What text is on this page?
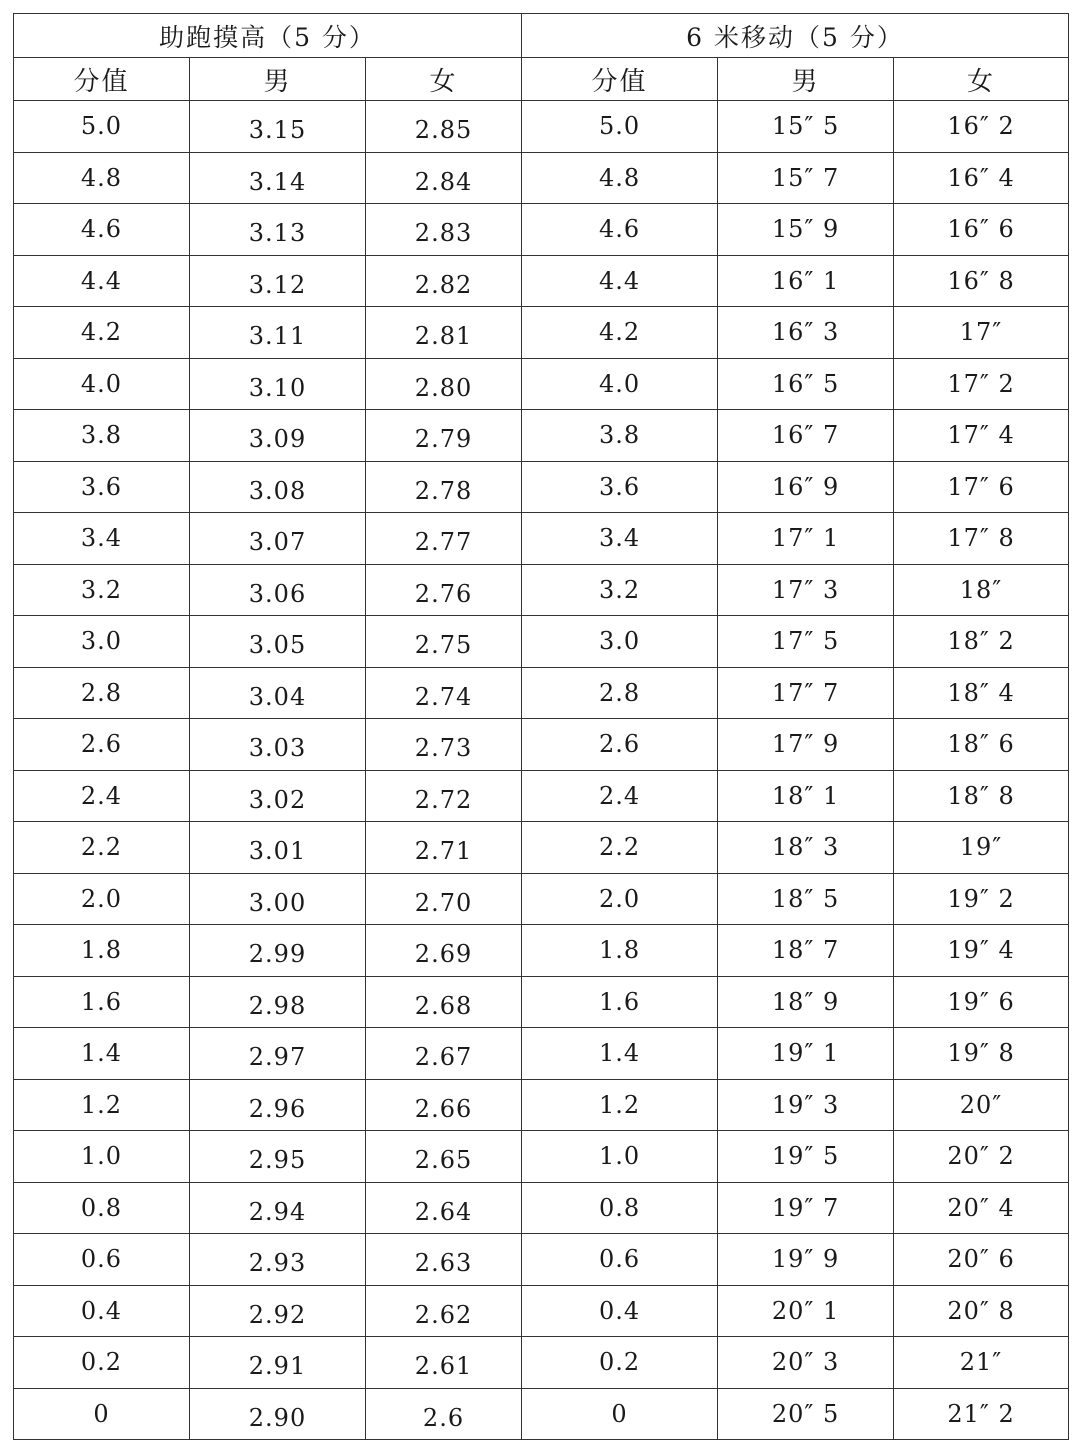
助跑摸高（5 分）			6 米移动（5 分）		
分值	男	女	分值	男	女
5.0	3.15	2.85	5.0	15″ 5	16″ 2
4.8	3.14	2.84	4.8	15″ 7	16″ 4
4.6	3.13	2.83	4.6	15″ 9	16″ 6
4.4	3.12	2.82	4.4	16″ 1	16″ 8
4.2	3.11	2.81	4.2	16″ 3	17″
4.0	3.10	2.80	4.0	16″ 5	17″ 2
3.8	3.09	2.79	3.8	16″ 7	17″ 4
3.6	3.08	2.78	3.6	16″ 9	17″ 6
3.4	3.07	2.77	3.4	17″ 1	17″ 8
3.2	3.06	2.76	3.2	17″ 3	18″
3.0	3.05	2.75	3.0	17″ 5	18″ 2
2.8	3.04	2.74	2.8	17″ 7	18″ 4
2.6	3.03	2.73	2.6	17″ 9	18″ 6
2.4	3.02	2.72	2.4	18″ 1	18″ 8
2.2	3.01	2.71	2.2	18″ 3	19″
2.0	3.00	2.70	2.0	18″ 5	19″ 2
1.8	2.99	2.69	1.8	18″ 7	19″ 4
1.6	2.98	2.68	1.6	18″ 9	19″ 6
1.4	2.97	2.67	1.4	19″ 1	19″ 8
1.2	2.96	2.66	1.2	19″ 3	20″
1.0	2.95	2.65	1.0	19″ 5	20″ 2
0.8	2.94	2.64	0.8	19″ 7	20″ 4
0.6	2.93	2.63	0.6	19″ 9	20″ 6
0.4	2.92	2.62	0.4	20″ 1	20″ 8
0.2	2.91	2.61	0.2	20″ 3	21″
0	2.90	2.6	0	20″ 5	21″ 2
